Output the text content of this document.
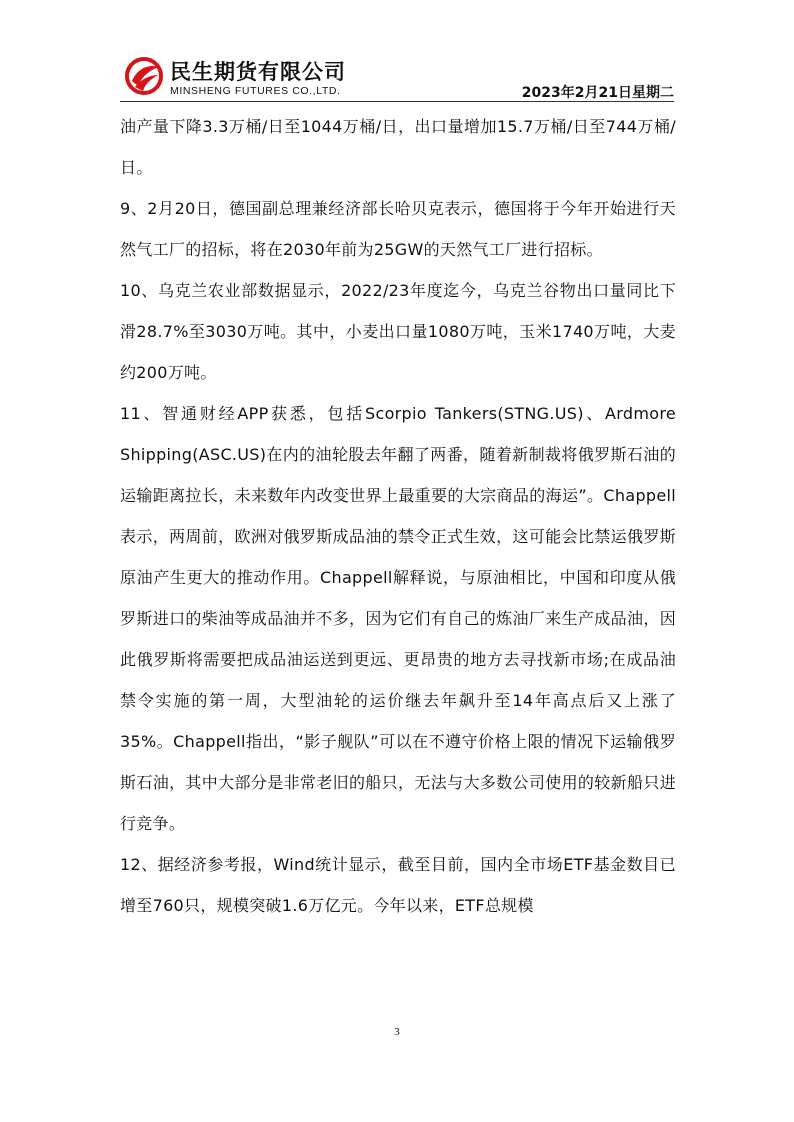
民生期货有限公司
MINSHENG FUTURES CO.,LTD.	2023年2月21日星期二

油产量下降3.3万桶/日至1044万桶/日，出口量增加15.7万桶/日至744万桶/日。

9、2月20日，德国副总理兼经济部长哈贝克表示，德国将于今年开始进行天然气工厂的招标，将在2030年前为25GW的天然气工厂进行招标。

10、乌克兰农业部数据显示，2022/23年度迄今，乌克兰谷物出口量同比下滑28.7%至3030万吨。其中，小麦出口量1080万吨，玉米1740万吨，大麦约200万吨。

11、智通财经APP获悉，包括Scorpio Tankers(STNG.US)、Ardmore Shipping(ASC.US)在内的油轮股去年翻了两番，随着新制裁将俄罗斯石油的运输距离拉长，未来数年内改变世界上最重要的大宗商品的海运”。Chappell表示，两周前，欧洲对俄罗斯成品油的禁令正式生效，这可能会比禁运俄罗斯原油产生更大的推动作用。Chappell解释说，与原油相比，中国和印度从俄罗斯进口的柴油等成品油并不多，因为它们有自己的炼油厂来生产成品油，因此俄罗斯将需要把成品油运送到更远、更昂贵的地方去寻找新市场;在成品油禁令实施的第一周，大型油轮的运价继去年飙升至14年高点后又上涨了 35%。Chappell指出，“影子舰队”可以在不遵守价格上限的情况下运输俄罗斯石油，其中大部分是非常老旧的船只，无法与大多数公司使用的较新船只进行竞争。

12、据经济参考报，Wind统计显示，截至目前，国内全市场ETF基金数目已增至760只，规模突破1.6万亿元。今年以来，ETF总规模

3
